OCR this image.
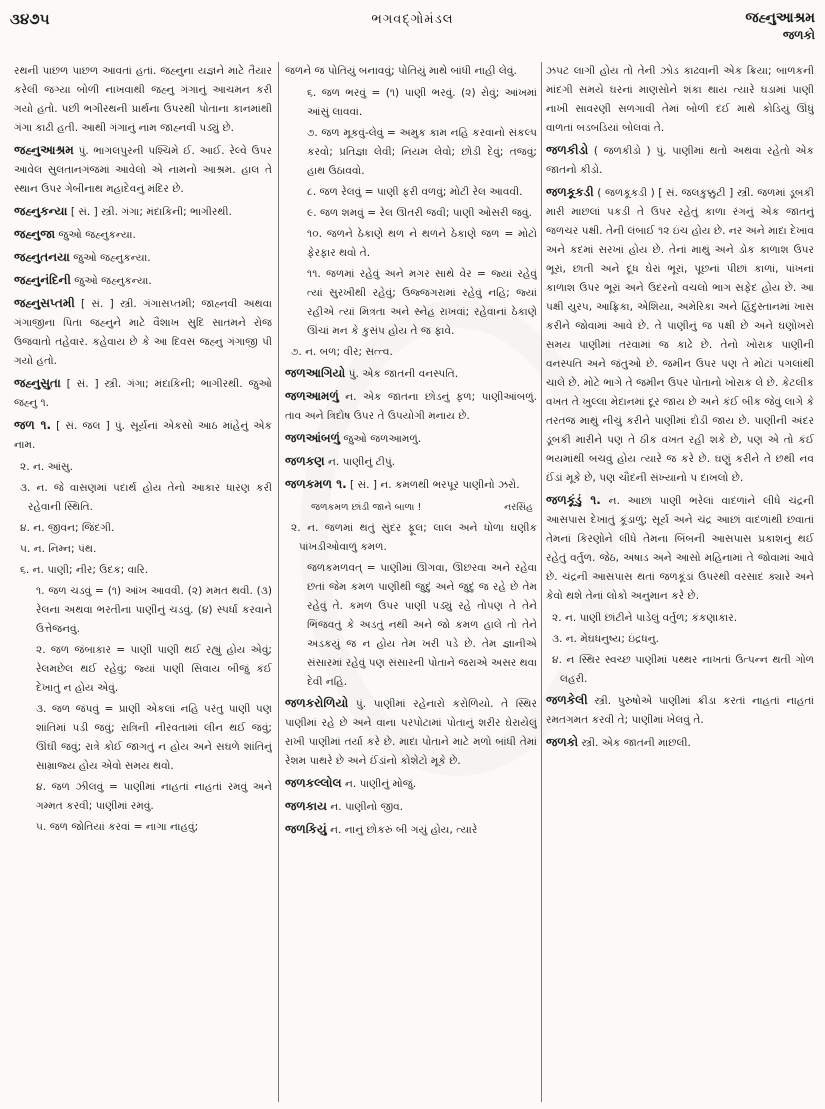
ભગવદ્ગોમંડલ
૩૪૭૫	જહ્નુઆશ્રમ
જળકો
રથની પાછળ પાછળ આવતાં હતાં. જહ્નુના યજ્ઞને માટે તૈયાર કરેલી જગ્યા બોળી નાખવાથી જહ્નુ ગંગાનું આચમન કરી ગયો હતો. પછી ભગીરથની પ્રાર્થના ઉપરથી પોતાના કાનમાંથી ગંગા કાઢી હતી. આથી ગંગાનું નામ જાહ્નવી પડ્યું છે.
જહ્નુઆશ્રમ પું. ભાગલપુરની પશ્ચિમે ઈ. આઈ. રેલ્વે ઉપર આવેલ સુલતાનગંજમાં આવેલો એ નામનો આશ્રમ. હાલ તે સ્થાન ઉપર ગેબીનાથ મહાદેવનું મંદિર છે.
જહ્નુકન્યા [ સં. ] સ્ત્રી. ગંગા; મંદાકિની; ભાગીરથી.
જહ્નુજા જુઓ જહ્નુકન્યા.
જહ્નુતનયા જુઓ જહ્નુકન્યા.
જહ્નુનંદિની જુઓ જહ્નુકન્યા.
જહ્નુસપ્તમી [ સં. ] સ્ત્રી. ગંગાસપ્તમી; જાહ્નવી અથવા ગંગાજીના પિતા જહ્નુને માટે વૈશાખ સુદિ સાતમને રોજ ઉજવાતો તહેવાર. કહેવાય છે કે આ દિવસ જહ્નુ ગંગાજી પી ગયો હતો.
જહ્નુસુતા [ સં. ] સ્ત્રી. ગંગા; મંદાકિની; ભાગીરથી. જુઓ જહ્નુ ૧.
જળ ૧. [ સં. જલ ] પું. સૂર્યનાં એકસો આઠ માંહેનું એક નામ.
૨. ન. આંસુ.
૩. ન. જે વાસણમાં પદાર્થ હોય તેનો આકાર ધારણ કરી રહેવાની સ્થિતિ.
૪. ન. જીવન; જિંદગી.
૫. ન. નિમ્ન; પંથ.
૬. ન. પાણી; નીર; ઉદક; વારિ.
૧. જળ ચડવું = (૧) આંખ આવવી. (૨) મમત થવી. (૩) રેલના અથવા ભરતીના પાણીનું ચડવું. (૪) સ્પર્ધા કરવાને ઉત્તેજનવું.
૨. જળ જંબાકાર = પાણી પાણી થઈ રહ્યું હોય એવું; રેલમછેલ થઈ રહેવું; જ્યાં પાણી સિવાય બીજું કંઈ દેખાતું ન હોય એવું.
૩. જળ જંપવું = પ્રાણી એકલાં નહિ પરંતુ પાણી પણ શાંતિમાં પડી જવું; રાત્રિની નીરવતામાં લીન થઈ જવું; ઊંઘી જવું; રાત્રે કોઈ જાગતું ન હોય અને સઘળે શાંતિનું સામ્રાજ્ય હોય એવો સમય થવો.
૪. જળ ઝીલવું = પાણીમાં નાહતાં નાહતાં રમવું અને ગમ્મત કરવી; પાણીમાં રમવું.
૫. જળ જોતિયાં કરવાં = નાગા નાહવું;
જળને જ પોતિયું બનાવવું; પોતિયું માથે બાંધી નાહી લેવું.
૬. જળ ભરવું = (૧) પાણી ભરવું. (૨) રોવું; આંખમાં આંસું લાવવાં.
૭. જળ મૂકવું-લેવું = અમુક કામ નહિ કરવાનો સંકલ્પ કરવો; પ્રતિજ્ઞા લેવી; નિયમ લેવો; છોડી દેવું; તજવું; હાથ ઉઠાવવો.
૮. જળ રેલવું = પાણી ફરી વળવું; મોટી રેલ આવવી.
૯. જળ શમવું = રેલ ઊતરી જવી; પાણી ઓસરી જવું.
૧૦. જળને ઠેકાણે થળ ને થળને ઠેકાણે જળ = મોટો ફેરફાર થવો તે.
૧૧. જળમાં રહેવું અને મગર સાથે વેર = જ્યાં રહેવું ત્યાં સુરખીથી રહેવું; ઉજ્જગરામાં રહેવું નહિ; જ્યાં રહીએ ત્યાં મિત્રતા અને સ્નેહ રાખવાં; રહેવાનાં ઠેકાણે ઊંચાં મન કે કુસંપ હોય તે જ ફાવે.
૭. ન. બળ; વીર; સત્ત્વ.
જળઆગિયો પું. એક જાતની વનસ્પતિ.
જળઆમળું ન. એક જાતના છોડનું ફળ; પાણીઆંબળું. તાવ અને ત્રિદોષ ઉપર તે ઉપયોગી મનાય છે.
જળઆંબળું જુઓ જળઆમળું.
જળકણ ન. પાણીનું ટીપું.
જળકમળ ૧. [ સં. ] ન. કમળથી ભરપૂર પાણીનો ઝરો.
નરસિંહ
જળકમળ છાંડી જાને બાળા !
૨. ન. જળમાં થતું સુંદર ફૂલ; લાલ અને ધોળા ઘણીક પાંખડીઓવાળું કમળ.
જળકમળવત્ = પાણીમાં ઊગવા, ઊછરવા અને રહેવા છતાં જેમ કમળ પાણીથી જુદું અને જુદું જ રહે છે તેમ રહેવું તે. કમળ ઉપર પાણી પડ્યું રહે તોપણ તે તેને ભિંજવતું કે અડતું નથી અને જો કમળ હાલે તો તેને અડકયું જ ન હોય તેમ ખરી પડે છે. તેમ જ્ઞાનીએ સંસારમાં રહેવું પણ સંસારની પોતાને જરાએ અસર થવા દેવી નહિ.
જળકરોળિયો પું. પાણીમાં રહેનારો કરોળિયો. તે સ્થિર પાણીમાં રહે છે અને વાના પરપોટામાં પોતાનું શરીર ઘેરાયેલું રાખી પાણીમાં તર્યા કરે છે. માદા પોતાને માટે મળો બાંધી તેમાં રેશમ પાથરે છે અને ઈંડાંનો કોશેટો મૂકે છે.
જળકલ્લોલ ન. પાણીનું મોજું.
જળકાય ન. પાણીનો જીવ.
જળકિયું ન. નાનું છોકરું બી ગયું હોય, ત્યારે
ઝપટ લાગી હોય તો તેની ઝોડ કાઢવાની એક ક્રિયા; બાળકની માંદગી સમયે ઘરનાં માણસોને શંકા થાય ત્યારે ઘડામાં પાણી નાખી સાવરણી સળગાવી તેમાં બોળી દઈ માથે કોડિયું ઊંધું વાળતાં બડબડિયાં બોલવાં તે.
જળકીડો ( જળકીડો ) પું. પાણીમાં થતો અથવા રહેતો એક જાતનો કીડો.
જળકૂકડી ( જળકૂકડી ) [ સં. જલકુક્કુટી ] સ્ત્રી. જળમાં ડૂબકી મારી માછલાં પકડી તે ઉપર રહેતું કાળા રંગનું એક જાતનું જળચર પક્ષી. તેની લંબાઈ ૧૨ ઇંચ હોય છે. નર અને માદા દેખાવ અને કદમાં સરખાં હોય છે. તેનાં માથું અને ડોક કાળાશ ઉપર ભૂરાં, છાતી અને દૂધ ઘેરાં ભૂરાં, પૂછનાં પીછાં કાળાં, પાંખનાં કાળાશ ઉપર ભૂરાં અને ઉદરનો વચલો ભાગ સફેદ હોય છે. આ પક્ષી યુરપ, આફ્રિકા, એશિયા, અમેરિકા અને હિંદુસ્તાનમાં ખાસ કરીને જોવામાં આવે છે. તે પાણીનું જ પક્ષી છે અને ઘણોખરો સમય પાણીમાં તરવામાં જ કાઢે છે. તેનો ખોરાક પાણીની વનસ્પતિ અને જંતુઓ છે. જમીન ઉપર પણ તે મોટાં પગલાંથી ચાલે છે. મોટે ભાગે તે જમીન ઉપર પોતાનો ખોરાક લે છે. કેટલીક વખત તે ખુલ્લા મેદાનમાં દૂર જાય છે અને કંઈ બીક જેવું લાગે કે તરતજ માથું નીચું કરીને પાણીમાં દોડી જાય છે. પાણીની અંદર ડૂબકી મારીને પણ તે ઠીક વખત રહી શકે છે, પણ એ તો કંઈ ભયમાંથી બચવું હોય ત્યારે જ કરે છે. ઘણું કરીને તે છથી નવ ઈંડાં મૂકે છે, પણ ચૌદની સંખ્યાનો પ દાખલો છે.
જળકૂંડું ૧. ન. આછાં પાણી ભરેલાં વાદળાંને લીધે ચંદ્રની આસપાસ દેખાતું કૂંડાળું; સૂર્ય અને ચંદ્ર આછાં વાદળાંથી છવાતાં તેમનાં કિરણોને લીધે તેમના બિંબની આસપાસ પ્રકાશનું થઈ રહેતું વર્તુળ. જેઠ, અષાડ અને આસો મહિનામાં તે જોવામાં આવે છે. ચંદ્રની આસપાસ થતાં જળકૂંડાં ઉપરથી વરસાદ ક્યારે અને કેવો થશે તેનાં લોકો અનુમાન કરે છે.
૨. ન. પાણી છાંટીને પાડેલું વર્તુળ; કંકણાકાર.
૩. ન. મેઘધનુષ્ય; ઇંદ્રધનુ.
૪. ન સ્થિર સ્વચ્છ પાણીમાં પથ્થર નાખતાં ઉત્પન્ન થતી ગોળ લહરી.
જળકેલી સ્ત્રી. પુરુષોએ પાણીમાં ક્રીડા કરતાં નાહતાં નાહતાં રમતગમત કરવી તે; પાણીમાં ખેલવું તે.
જળકો સ્ત્રી. એક જાતની માછલી.
